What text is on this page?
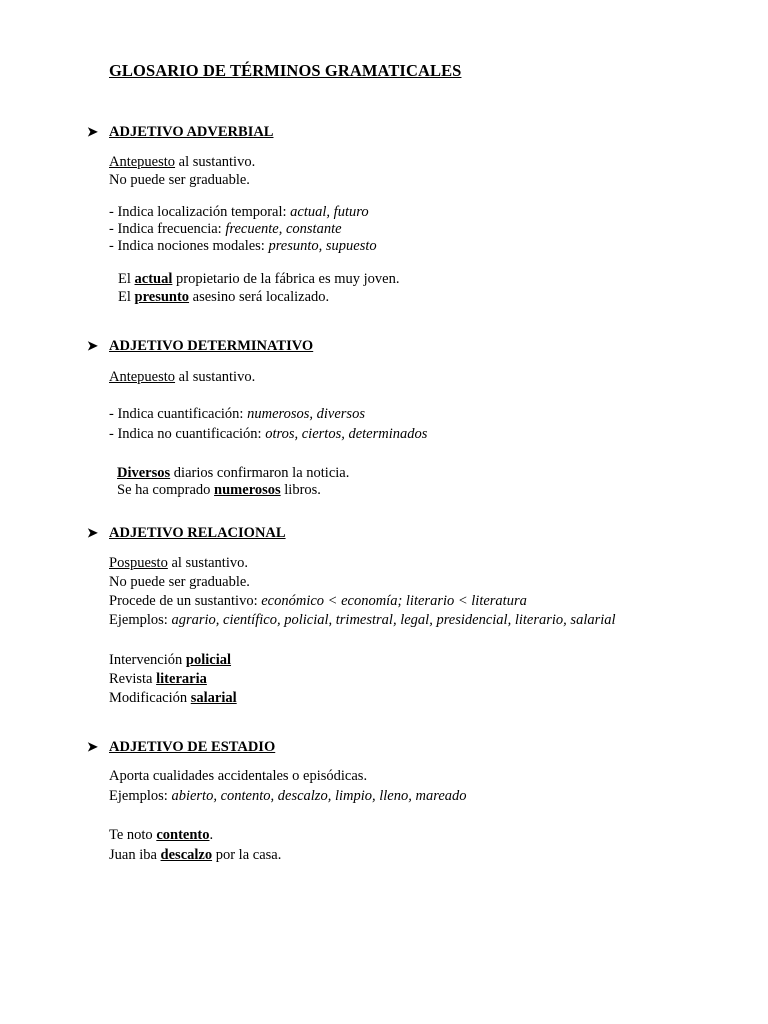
GLOSARIO DE TÉRMINOS GRAMATICALES
➤ ADJETIVO ADVERBIAL
Antepuesto al sustantivo.
No puede ser graduable.
- Indica localización temporal: actual, futuro
- Indica frecuencia: frecuente, constante
- Indica nociones modales: presunto, supuesto
El actual propietario de la fábrica es muy joven.
El presunto asesino será localizado.
➤ ADJETIVO DETERMINATIVO
Antepuesto al sustantivo.
- Indica cuantificación: numerosos, diversos
- Indica no cuantificación: otros, ciertos, determinados
Diversos diarios confirmaron la noticia.
Se ha comprado numerosos libros.
➤ ADJETIVO RELACIONAL
Pospuesto al sustantivo.
No puede ser graduable.
Procede de un sustantivo: económico < economía; literario < literatura
Ejemplos: agrario, científico, policial, trimestral, legal, presidencial, literario, salarial
Intervención policial
Revista literaria
Modificación salarial
➤ ADJETIVO DE ESTADIO
Aporta cualidades accidentales o episódicas.
Ejemplos: abierto, contento, descalzo, limpio, lleno, mareado
Te noto contento.
Juan iba descalzo por la casa.
